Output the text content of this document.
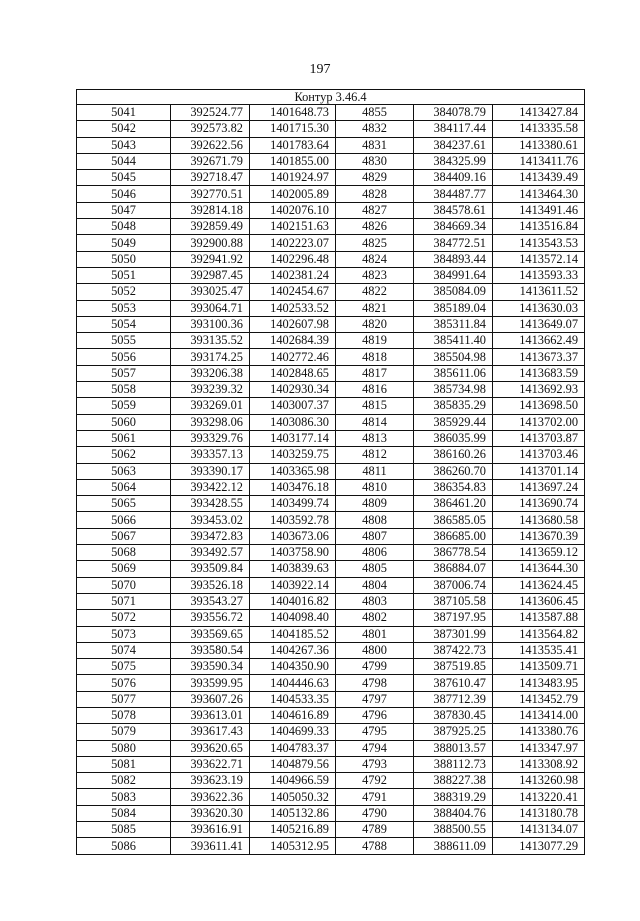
197
Контур 3.46.4					
5041	392524.77	1401648.73	4855	384078.79	1413427.84
5042	392573.82	1401715.30	4832	384117.44	1413335.58
5043	392622.56	1401783.64	4831	384237.61	1413380.61
5044	392671.79	1401855.00	4830	384325.99	1413411.76
5045	392718.47	1401924.97	4829	384409.16	1413439.49
5046	392770.51	1402005.89	4828	384487.77	1413464.30
5047	392814.18	1402076.10	4827	384578.61	1413491.46
5048	392859.49	1402151.63	4826	384669.34	1413516.84
5049	392900.88	1402223.07	4825	384772.51	1413543.53
5050	392941.92	1402296.48	4824	384893.44	1413572.14
5051	392987.45	1402381.24	4823	384991.64	1413593.33
5052	393025.47	1402454.67	4822	385084.09	1413611.52
5053	393064.71	1402533.52	4821	385189.04	1413630.03
5054	393100.36	1402607.98	4820	385311.84	1413649.07
5055	393135.52	1402684.39	4819	385411.40	1413662.49
5056	393174.25	1402772.46	4818	385504.98	1413673.37
5057	393206.38	1402848.65	4817	385611.06	1413683.59
5058	393239.32	1402930.34	4816	385734.98	1413692.93
5059	393269.01	1403007.37	4815	385835.29	1413698.50
5060	393298.06	1403086.30	4814	385929.44	1413702.00
5061	393329.76	1403177.14	4813	386035.99	1413703.87
5062	393357.13	1403259.75	4812	386160.26	1413703.46
5063	393390.17	1403365.98	4811	386260.70	1413701.14
5064	393422.12	1403476.18	4810	386354.83	1413697.24
5065	393428.55	1403499.74	4809	386461.20	1413690.74
5066	393453.02	1403592.78	4808	386585.05	1413680.58
5067	393472.83	1403673.06	4807	386685.00	1413670.39
5068	393492.57	1403758.90	4806	386778.54	1413659.12
5069	393509.84	1403839.63	4805	386884.07	1413644.30
5070	393526.18	1403922.14	4804	387006.74	1413624.45
5071	393543.27	1404016.82	4803	387105.58	1413606.45
5072	393556.72	1404098.40	4802	387197.95	1413587.88
5073	393569.65	1404185.52	4801	387301.99	1413564.82
5074	393580.54	1404267.36	4800	387422.73	1413535.41
5075	393590.34	1404350.90	4799	387519.85	1413509.71
5076	393599.95	1404446.63	4798	387610.47	1413483.95
5077	393607.26	1404533.35	4797	387712.39	1413452.79
5078	393613.01	1404616.89	4796	387830.45	1413414.00
5079	393617.43	1404699.33	4795	387925.25	1413380.76
5080	393620.65	1404783.37	4794	388013.57	1413347.97
5081	393622.71	1404879.56	4793	388112.73	1413308.92
5082	393623.19	1404966.59	4792	388227.38	1413260.98
5083	393622.36	1405050.32	4791	388319.29	1413220.41
5084	393620.30	1405132.86	4790	388404.76	1413180.78
5085	393616.91	1405216.89	4789	388500.55	1413134.07
5086	393611.41	1405312.95	4788	388611.09	1413077.29
